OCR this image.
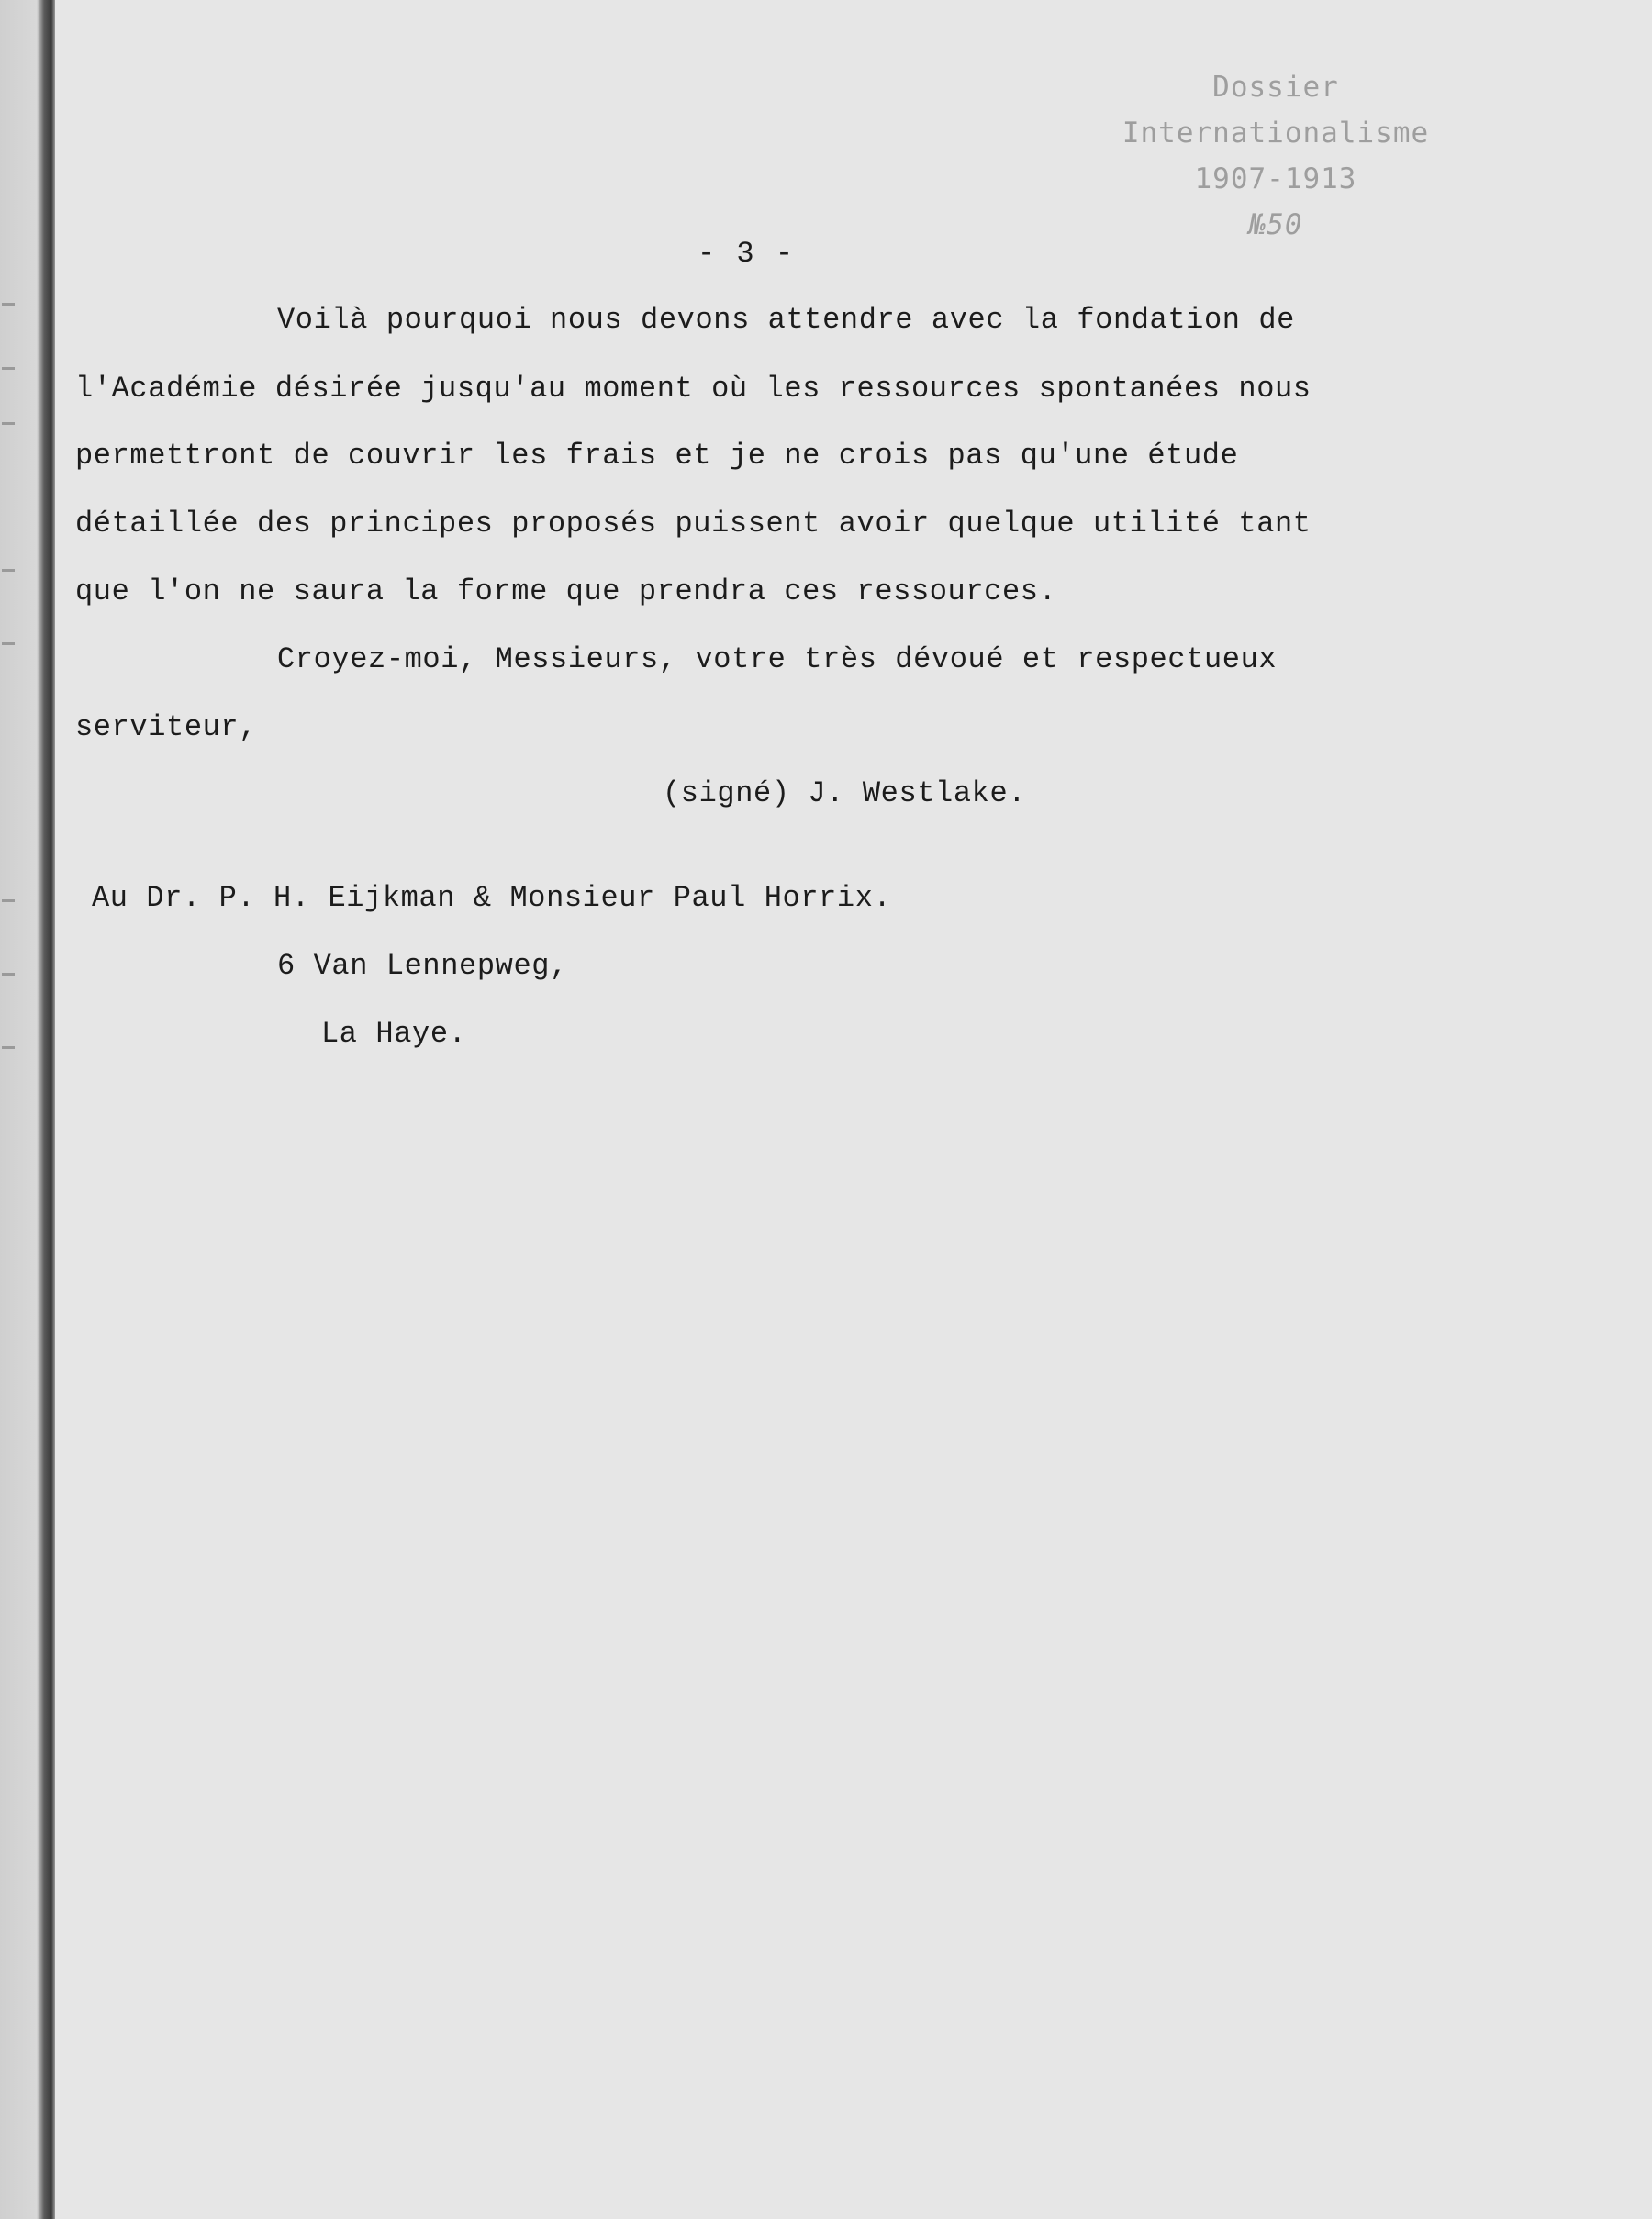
Dossier
Internationalisme
1907-1913
№50
- 3 -
Voilà pourquoi nous devons attendre avec la fondation de
l'Académie désirée jusqu'au moment où les ressources spontanées nous
permettront de couvrir les frais et je ne crois pas qu'une étude
détaillée des principes proposés puissent avoir quelque utilité tant
que l'on ne saura la forme que prendra ces ressources.
Croyez-moi, Messieurs, votre très dévoué et respectueux
serviteur,
(signé) J. Westlake.
Au Dr. P. H. Eijkman & Monsieur Paul Horrix.
6 Van Lennepweg,
La Haye.
